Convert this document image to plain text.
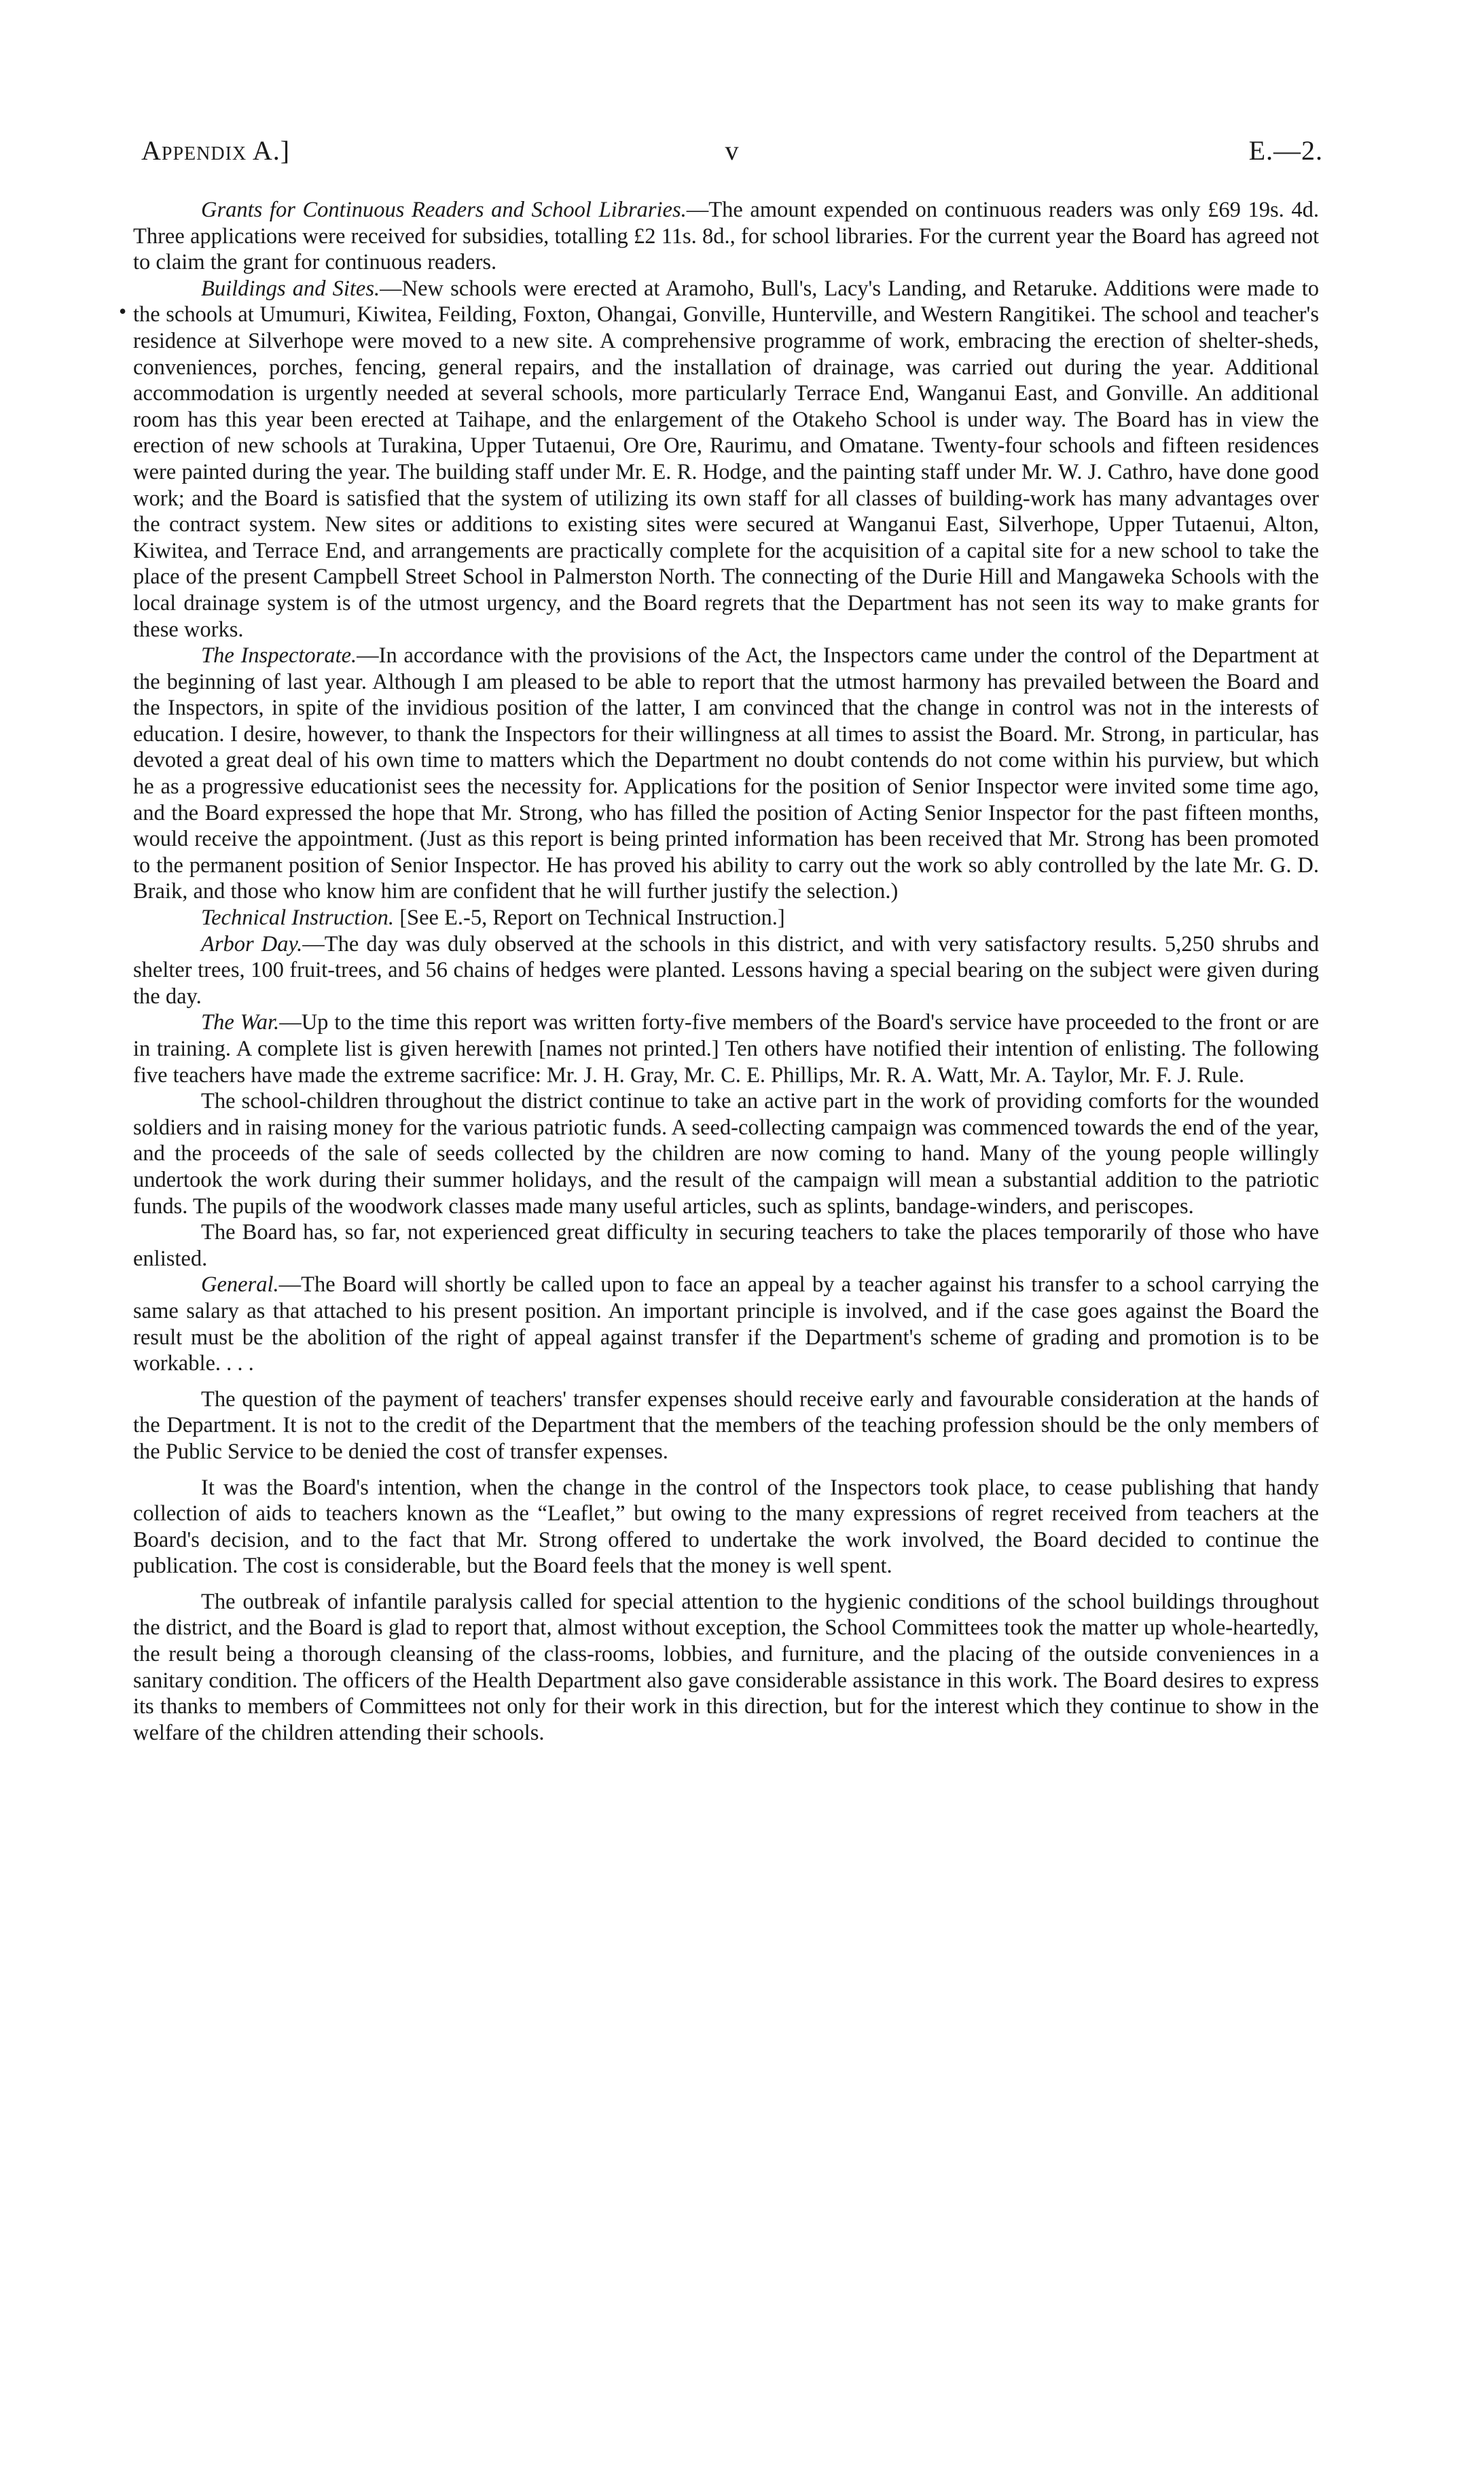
Appendix A.]	v	E.—2.
•

Grants for Continuous Readers and School Libraries.—The amount expended on continuous readers was only £69 19s. 4d. Three applications were received for subsidies, totalling £2 11s. 8d., for school libraries. For the current year the Board has agreed not to claim the grant for continuous readers.

Buildings and Sites.—New schools were erected at Aramoho, Bull's, Lacy's Landing, and Retaruke. Additions were made to the schools at Umumuri, Kiwitea, Feilding, Foxton, Ohangai, Gonville, Hunterville, and Western Rangitikei. The school and teacher's residence at Silverhope were moved to a new site. A comprehensive programme of work, embracing the erection of shelter-sheds, conveniences, porches, fencing, general repairs, and the installation of drainage, was carried out during the year. Additional accommodation is urgently needed at several schools, more particularly Terrace End, Wanganui East, and Gonville. An additional room has this year been erected at Taihape, and the enlargement of the Otakeho School is under way. The Board has in view the erection of new schools at Turakina, Upper Tutaenui, Ore Ore, Raurimu, and Omatane. Twenty-four schools and fifteen residences were painted during the year. The building staff under Mr. E. R. Hodge, and the painting staff under Mr. W. J. Cathro, have done good work; and the Board is satisfied that the system of utilizing its own staff for all classes of building-work has many advantages over the contract system. New sites or additions to existing sites were secured at Wanganui East, Silverhope, Upper Tutaenui, Alton, Kiwitea, and Terrace End, and arrangements are practically complete for the acquisition of a capital site for a new school to take the place of the present Campbell Street School in Palmerston North. The connecting of the Durie Hill and Mangaweka Schools with the local drainage system is of the utmost urgency, and the Board regrets that the Department has not seen its way to make grants for these works.

The Inspectorate.—In accordance with the provisions of the Act, the Inspectors came under the control of the Department at the beginning of last year. Although I am pleased to be able to report that the utmost harmony has prevailed between the Board and the Inspectors, in spite of the invidious position of the latter, I am convinced that the change in control was not in the interests of education. I desire, however, to thank the Inspectors for their willingness at all times to assist the Board. Mr. Strong, in particular, has devoted a great deal of his own time to matters which the Department no doubt contends do not come within his purview, but which he as a progressive educationist sees the necessity for. Applications for the position of Senior Inspector were invited some time ago, and the Board expressed the hope that Mr. Strong, who has filled the position of Acting Senior Inspector for the past fifteen months, would receive the appointment. (Just as this report is being printed information has been received that Mr. Strong has been promoted to the permanent position of Senior Inspector. He has proved his ability to carry out the work so ably controlled by the late Mr. G. D. Braik, and those who know him are confident that he will further justify the selection.)

Technical Instruction. [See E.-5, Report on Technical Instruction.]

Arbor Day.—The day was duly observed at the schools in this district, and with very satisfactory results. 5,250 shrubs and shelter trees, 100 fruit-trees, and 56 chains of hedges were planted. Lessons having a special bearing on the subject were given during the day.

The War.—Up to the time this report was written forty-five members of the Board's service have proceeded to the front or are in training. A complete list is given herewith [names not printed.] Ten others have notified their intention of enlisting. The following five teachers have made the extreme sacrifice: Mr. J. H. Gray, Mr. C. E. Phillips, Mr. R. A. Watt, Mr. A. Taylor, Mr. F. J. Rule.

The school-children throughout the district continue to take an active part in the work of providing comforts for the wounded soldiers and in raising money for the various patriotic funds. A seed-collecting campaign was commenced towards the end of the year, and the proceeds of the sale of seeds collected by the children are now coming to hand. Many of the young people willingly undertook the work during their summer holidays, and the result of the campaign will mean a substantial addition to the patriotic funds. The pupils of the woodwork classes made many useful articles, such as splints, bandage-winders, and periscopes.

The Board has, so far, not experienced great difficulty in securing teachers to take the places temporarily of those who have enlisted.

General.—The Board will shortly be called upon to face an appeal by a teacher against his transfer to a school carrying the same salary as that attached to his present position. An important principle is involved, and if the case goes against the Board the result must be the abolition of the right of appeal against transfer if the Department's scheme of grading and promotion is to be workable. . . .

The question of the payment of teachers' transfer expenses should receive early and favourable consideration at the hands of the Department. It is not to the credit of the Department that the members of the teaching profession should be the only members of the Public Service to be denied the cost of transfer expenses.

It was the Board's intention, when the change in the control of the Inspectors took place, to cease publishing that handy collection of aids to teachers known as the “Leaflet,” but owing to the many expressions of regret received from teachers at the Board's decision, and to the fact that Mr. Strong offered to undertake the work involved, the Board decided to continue the publication. The cost is considerable, but the Board feels that the money is well spent.

The outbreak of infantile paralysis called for special attention to the hygienic conditions of the school buildings throughout the district, and the Board is glad to report that, almost without exception, the School Committees took the matter up whole-heartedly, the result being a thorough cleansing of the class-rooms, lobbies, and furniture, and the placing of the outside conveniences in a sanitary condition. The officers of the Health Department also gave considerable assistance in this work. The Board desires to express its thanks to members of Committees not only for their work in this direction, but for the interest which they continue to show in the welfare of the children attending their schools.
